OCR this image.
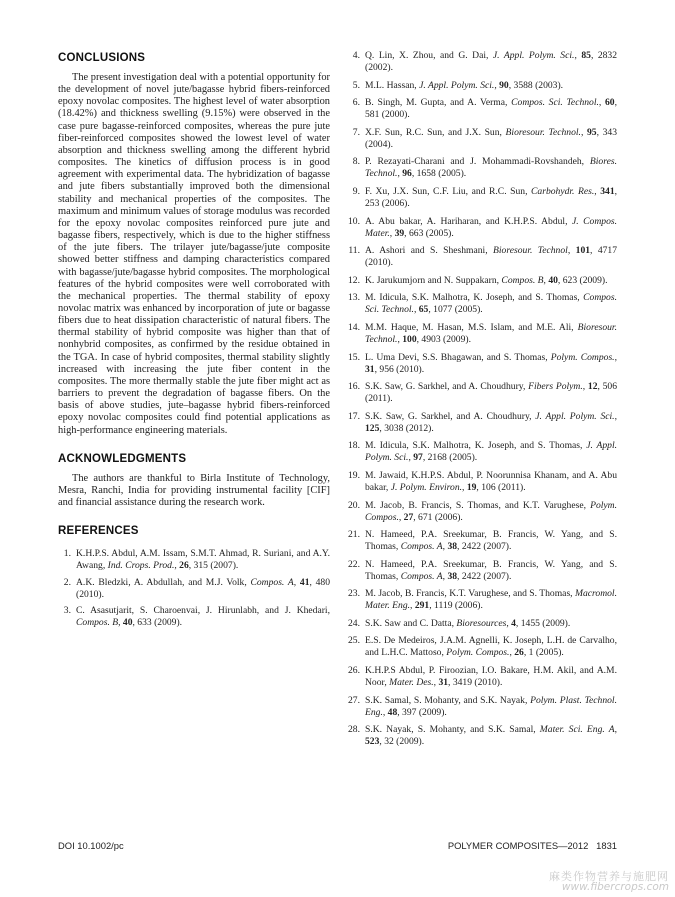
CONCLUSIONS

The present investigation deal with a potential opportunity for the development of novel jute/bagasse hybrid fibers-reinforced epoxy novolac composites. The highest level of water absorption (18.42%) and thickness swelling (9.15%) were observed in the case pure bagasse-reinforced composites, whereas the pure jute fiber-reinforced composites showed the lowest level of water absorption and thickness swelling among the different hybrid composites. The kinetics of diffusion process is in good agreement with experimental data. The hybridization of bagasse and jute fibers substantially improved both the dimensional stability and mechanical properties of the composites. The maximum and minimum values of storage modulus was recorded for the epoxy novolac composites reinforced pure jute and bagasse fibers, respectively, which is due to the higher stiffness of the jute fibers. The trilayer jute/bagasse/jute composite showed better stiffness and damping characteristics compared with bagasse/jute/bagasse hybrid composites. The morphological features of the hybrid composites were well corroborated with the mechanical properties. The thermal stability of epoxy novolac matrix was enhanced by incorporation of jute or bagasse fibers due to heat dissipation characteristic of natural fibers. The thermal stability of hybrid composite was higher than that of nonhybrid composites, as confirmed by the residue obtained in the TGA. In case of hybrid composites, thermal stability slightly increased with increasing the jute fiber content in the composites. The more thermally stable the jute fiber might act as barriers to prevent the degradation of bagasse fibers. On the basis of above studies, jute–bagasse hybrid fibers-reinforced epoxy novolac composites could find potential applications as high-performance engineering materials.

ACKNOWLEDGMENTS

The authors are thankful to Birla Institute of Technology, Mesra, Ranchi, India for providing instrumental facility [CIF] and financial assistance during the research work.

REFERENCES
1. K.H.P.S. Abdul, A.M. Issam, S.M.T. Ahmad, R. Suriani, and A.Y. Awang, Ind. Crops. Prod., 26, 315 (2007).
2. A.K. Bledzki, A. Abdullah, and M.J. Volk, Compos. A, 41, 480 (2010).
3. C. Asasutjarit, S. Charoenvai, J. Hirunlabh, and J. Khedari, Compos. B, 40, 633 (2009).
4. Q. Lin, X. Zhou, and G. Dai, J. Appl. Polym. Sci., 85, 2832 (2002).
5. M.L. Hassan, J. Appl. Polym. Sci., 90, 3588 (2003).
6. B. Singh, M. Gupta, and A. Verma, Compos. Sci. Technol., 60, 581 (2000).
7. X.F. Sun, R.C. Sun, and J.X. Sun, Bioresour. Technol., 95, 343 (2004).
8. P. Rezayati-Charani and J. Mohammadi-Rovshandeh, Biores. Technol., 96, 1658 (2005).
9. F. Xu, J.X. Sun, C.F. Liu, and R.C. Sun, Carbohydr. Res., 341, 253 (2006).
10. A. Abu bakar, A. Hariharan, and K.H.P.S. Abdul, J. Compos. Mater., 39, 663 (2005).
11. A. Ashori and S. Sheshmani, Bioresour. Technol, 101, 4717 (2010).
12. K. Jarukumjorn and N. Suppakarn, Compos. B, 40, 623 (2009).
13. M. Idicula, S.K. Malhotra, K. Joseph, and S. Thomas, Compos. Sci. Technol., 65, 1077 (2005).
14. M.M. Haque, M. Hasan, M.S. Islam, and M.E. Ali, Bioresour. Technol., 100, 4903 (2009).
15. L. Uma Devi, S.S. Bhagawan, and S. Thomas, Polym. Compos., 31, 956 (2010).
16. S.K. Saw, G. Sarkhel, and A. Choudhury, Fibers Polym., 12, 506 (2011).
17. S.K. Saw, G. Sarkhel, and A. Choudhury, J. Appl. Polym. Sci., 125, 3038 (2012).
18. M. Idicula, S.K. Malhotra, K. Joseph, and S. Thomas, J. Appl. Polym. Sci., 97, 2168 (2005).
19. M. Jawaid, K.H.P.S. Abdul, P. Noorunnisa Khanam, and A. Abu bakar, J. Polym. Environ., 19, 106 (2011).
20. M. Jacob, B. Francis, S. Thomas, and K.T. Varughese, Polym. Compos., 27, 671 (2006).
21. N. Hameed, P.A. Sreekumar, B. Francis, W. Yang, and S. Thomas, Compos. A, 38, 2422 (2007).
22. N. Hameed, P.A. Sreekumar, B. Francis, W. Yang, and S. Thomas, Compos. A, 38, 2422 (2007).
23. M. Jacob, B. Francis, K.T. Varughese, and S. Thomas, Macromol. Mater. Eng., 291, 1119 (2006).
24. S.K. Saw and C. Datta, Bioresources, 4, 1455 (2009).
25. E.S. De Medeiros, J.A.M. Agnelli, K. Joseph, L.H. de Carvalho, and L.H.C. Mattoso, Polym. Compos., 26, 1 (2005).
26. K.H.P.S Abdul, P. Firoozian, I.O. Bakare, H.M. Akil, and A.M. Noor, Mater. Des., 31, 3419 (2010).
27. S.K. Samal, S. Mohanty, and S.K. Nayak, Polym. Plast. Technol. Eng., 48, 397 (2009).
28. S.K. Nayak, S. Mohanty, and S.K. Samal, Mater. Sci. Eng. A, 523, 32 (2009).
DOI 10.1002/pc	POLYMER COMPOSITES—2012 1831
麻类作物营养与施肥网
www.fibercrops.com
